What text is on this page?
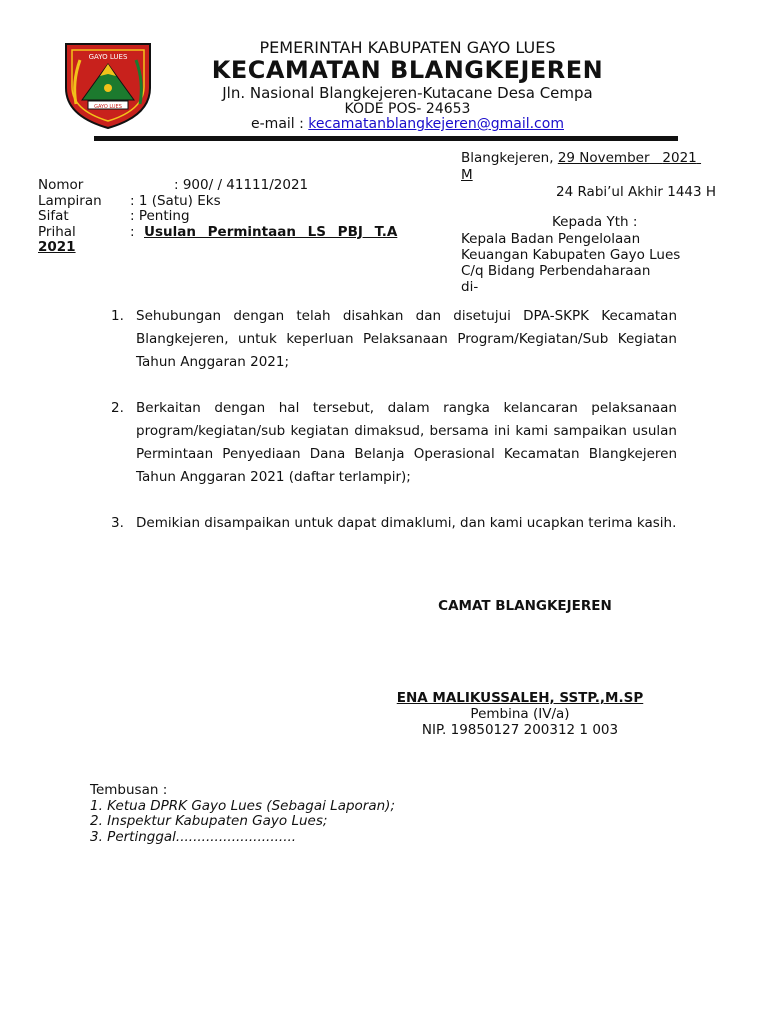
GAYO LUES
GAYO LUES
PEMERINTAH KABUPATEN GAYO LUES
KECAMATAN BLANGKEJEREN
Jln. Nasional Blangkejeren-Kutacane Desa Cempa
KODE POS- 24653
e-mail : kecamatanblangkejeren@gmail.com
Blangkejeren, 29 November 2021
M
24 Rabi’ul Akhir 1443 H
Nomor	: 900/ / 41111/2021
Lampiran : 1 (Satu) Eks
Sifat	: Penting
Prihal	: Usulan Permintaan LS PBJ T.A
2021
Kepada Yth :
Kepala Badan Pengelolaan
Keuangan Kabupaten Gayo Lues
C/q Bidang Perbendaharaan
di-
1. Sehubungan dengan telah disahkan dan disetujui DPA-SKPK Kecamatan Blangkejeren, untuk keperluan Pelaksanaan Program/Kegiatan/Sub Kegiatan Tahun Anggaran 2021;
2. Berkaitan dengan hal tersebut, dalam rangka kelancaran pelaksanaan program/kegiatan/sub kegiatan dimaksud, bersama ini kami sampaikan usulan Permintaan Penyediaan Dana Belanja Operasional Kecamatan Blangkejeren Tahun Anggaran 2021 (daftar terlampir);
3. Demikian disampaikan untuk dapat dimaklumi, dan kami ucapkan terima kasih.
CAMAT BLANGKEJEREN
ENA MALIKUSSALEH, SSTP.,M.SP
Pembina (IV/a)
NIP. 19850127 200312 1 003
Tembusan :
1. Ketua DPRK Gayo Lues (Sebagai Laporan);
2. Inspektur Kabupaten Gayo Lues;
3. Pertinggal............................
